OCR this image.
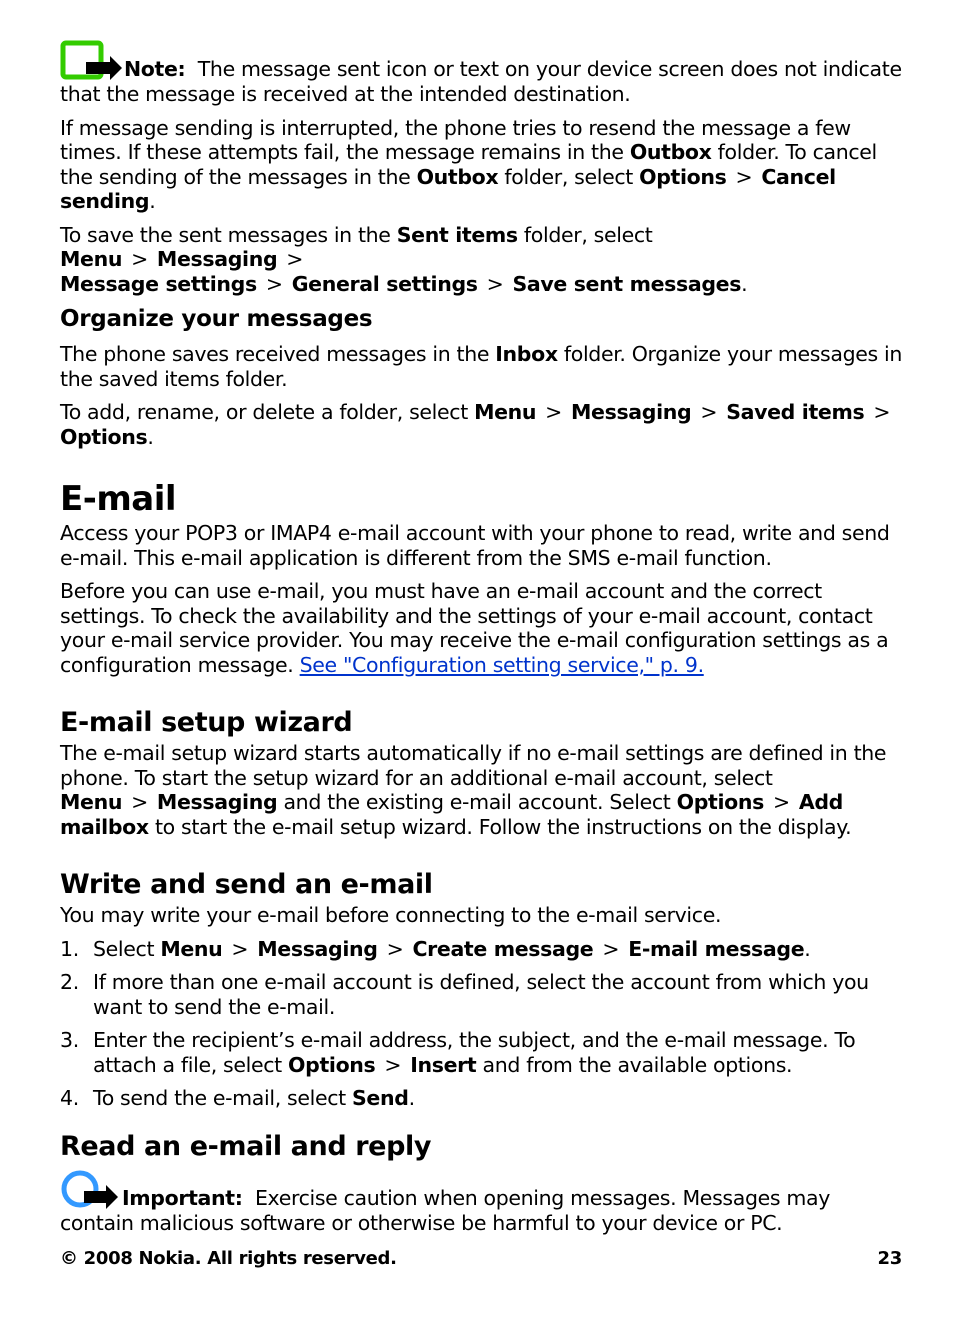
Note: The message sent icon or text on your device screen does not indicate that the message is received at the intended destination.

If message sending is interrupted, the phone tries to resend the message a few times. If these attempts fail, the message remains in the Outbox folder. To cancel the sending of the messages in the Outbox folder, select Options > Cancel sending.

To save the sent messages in the Sent items folder, select Menu > Messaging >
Message settings > General settings > Save sent messages.

Organize your messages

The phone saves received messages in the Inbox folder. Organize your messages in the saved items folder.

To add, rename, or delete a folder, select Menu > Messaging > Saved items >
Options.

E-mail

Access your POP3 or IMAP4 e-mail account with your phone to read, write and send e-mail. This e-mail application is different from the SMS e-mail function.

Before you can use e-mail, you must have an e-mail account and the correct settings. To check the availability and the settings of your e-mail account, contact your e-mail service provider. You may receive the e-mail configuration settings as a configuration message. See "Configuration setting service," p. 9.

E-mail setup wizard

The e-mail setup wizard starts automatically if no e-mail settings are defined in the phone. To start the setup wizard for an additional e-mail account, select Menu > Messaging and the existing e-mail account. Select Options > Add mailbox to start the e-mail setup wizard. Follow the instructions on the display.

Write and send an e-mail

You may write your e-mail before connecting to the e-mail service.

1. Select Menu > Messaging > Create message > E-mail message.
2. If more than one e-mail account is defined, select the account from which you want to send the e-mail.
3. Enter the recipient’s e-mail address, the subject, and the e-mail message. To attach a file, select Options > Insert and from the available options.
4. To send the e-mail, select Send.
Read an e-mail and reply

Important: Exercise caution when opening messages. Messages may contain malicious software or otherwise be harmful to your device or PC.

© 2008 Nokia. All rights reserved.	23
